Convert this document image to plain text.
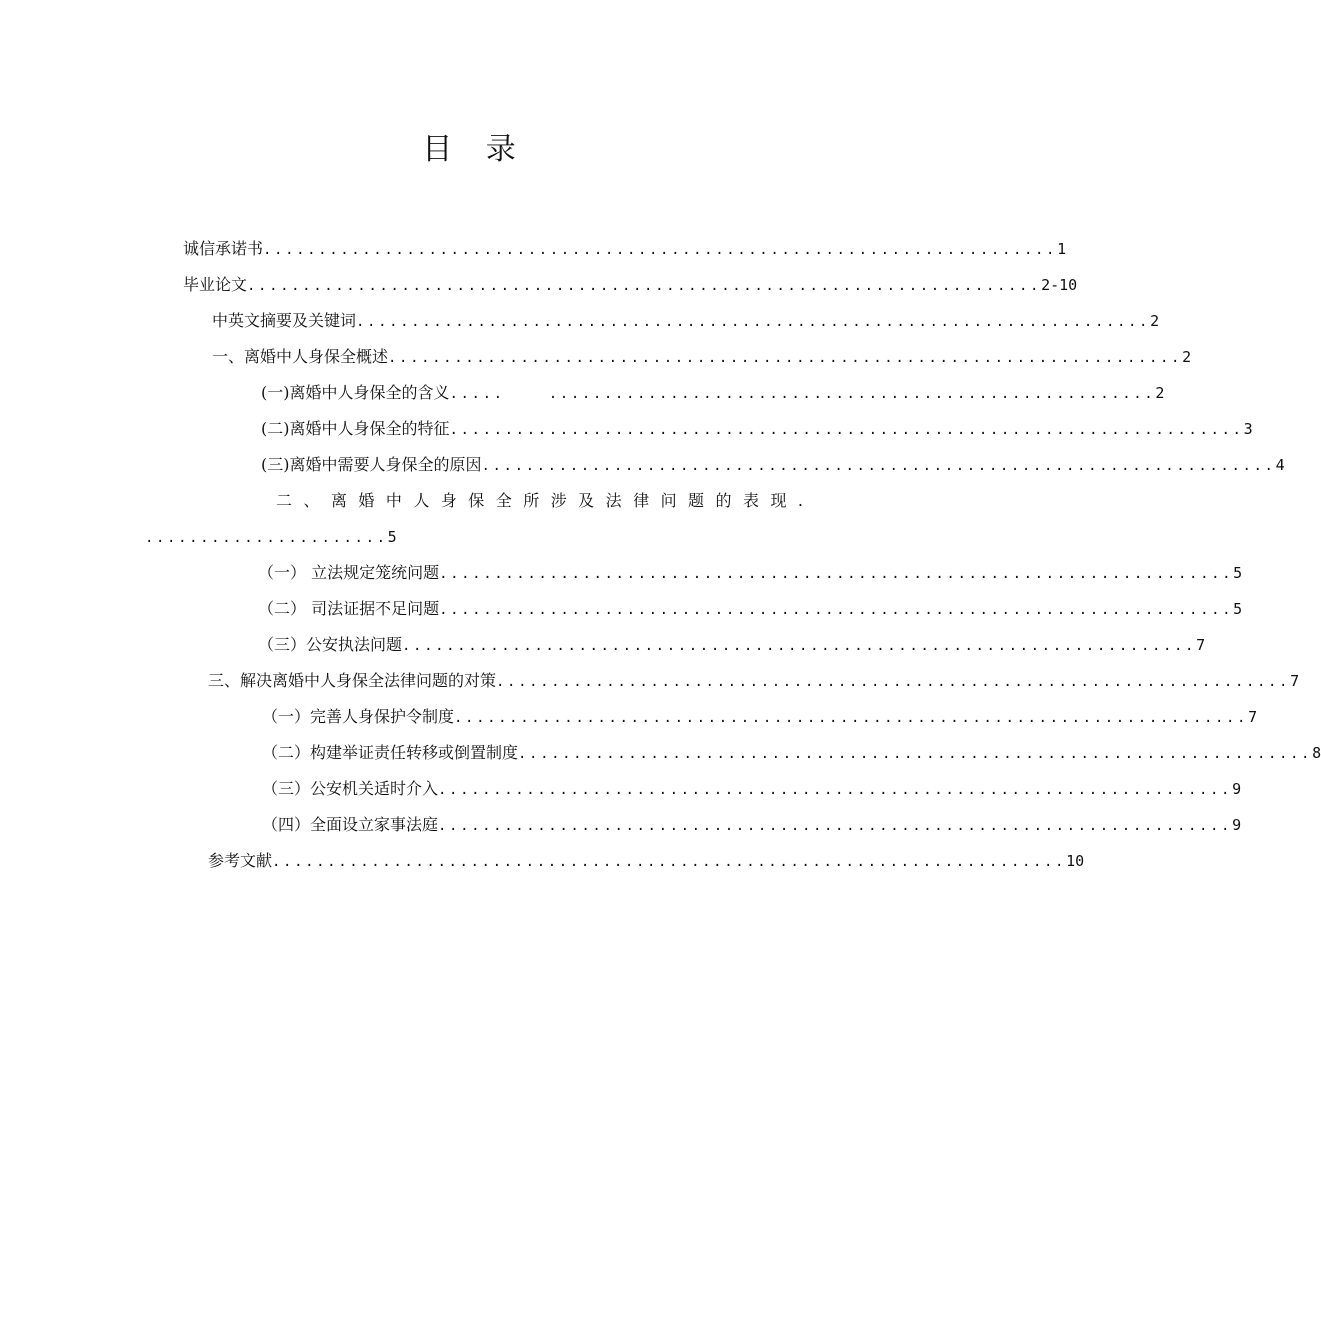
目 录
诚信承诺书 ........................................................................ 1
毕业论文 ........................................................................ 2-10
中英文摘要及关键词 ........................................................................ 2
一、离婚中人身保全概述 ........................................................................ 2
(一)离婚中人身保全的含义 .....    ....................................................... 2
(二)离婚中人身保全的特征 ........................................................................ 3
(三)离婚中需要人身保全的原因 ........................................................................ 4
二 、 离 婚 中 人 身 保 全 所 涉 及 法 律 问 题 的 表 现 .
...................... 5
（一） 立法规定笼统问题 ........................................................................ 5
（二） 司法证据不足问题 ........................................................................ 5
（三）公安执法问题 ........................................................................ 7
三、解决离婚中人身保全法律问题的对策 ........................................................................ 7
（一）完善人身保护令制度 ........................................................................ 7
（二）构建举证责任转移或倒置制度 ........................................................................ 8
（三）公安机关适时介入 ........................................................................ 9
（四）全面设立家事法庭 ........................................................................ 9
参考文献 ........................................................................ 10
